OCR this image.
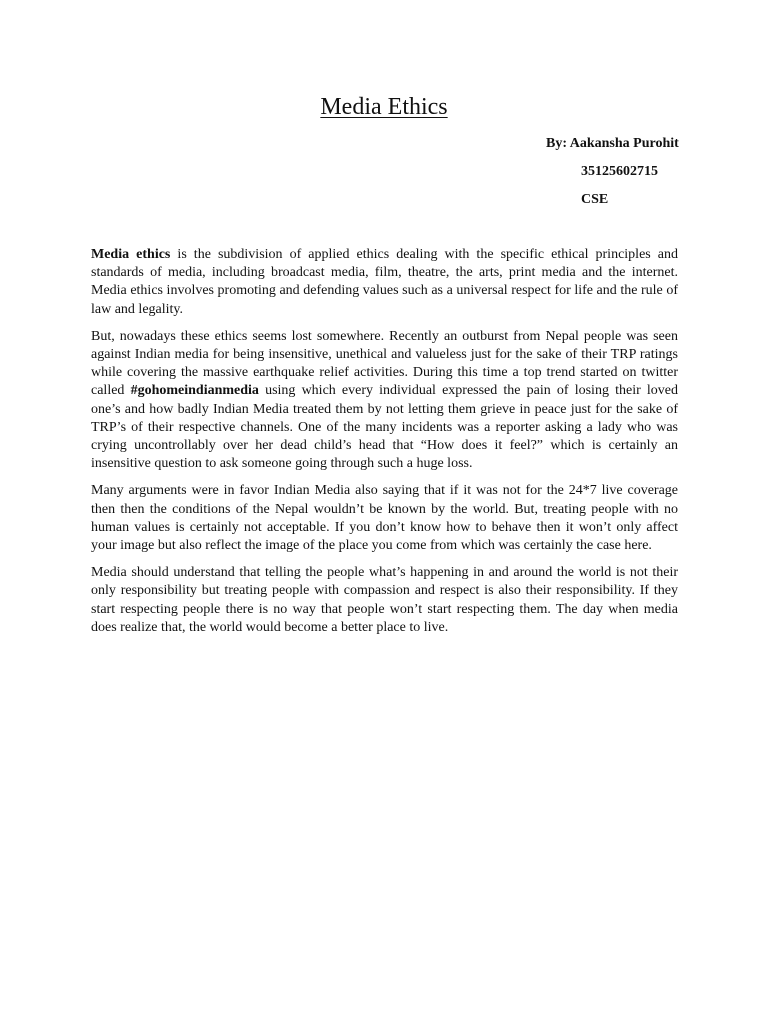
Media Ethics
By: Aakansha Purohit
35125602715
CSE

Media ethics is the subdivision of applied ethics dealing with the specific ethical principles and standards of media, including broadcast media, film, theatre, the arts, print media and the internet. Media ethics involves promoting and defending values such as a universal respect for life and the rule of law and legality.

But, nowadays these ethics seems lost somewhere. Recently an outburst from Nepal people was seen against Indian media for being insensitive, unethical and valueless just for the sake of their TRP ratings while covering the massive earthquake relief activities. During this time a top trend started on twitter called #gohomeindianmedia using which every individual expressed the pain of losing their loved one’s and how badly Indian Media treated them by not letting them grieve in peace just for the sake of TRP’s of their respective channels. One of the many incidents was a reporter asking a lady who was crying uncontrollably over her dead child’s head that “How does it feel?” which is certainly an insensitive question to ask someone going through such a huge loss.

Many arguments were in favor Indian Media also saying that if it was not for the 24*7 live coverage then then the conditions of the Nepal wouldn’t be known by the world. But, treating people with no human values is certainly not acceptable. If you don’t know how to behave then it won’t only affect your image but also reflect the image of the place you come from which was certainly the case here.

Media should understand that telling the people what’s happening in and around the world is not their only responsibility but treating people with compassion and respect is also their responsibility. If they start respecting people there is no way that people won’t start respecting them. The day when media does realize that, the world would become a better place to live.
